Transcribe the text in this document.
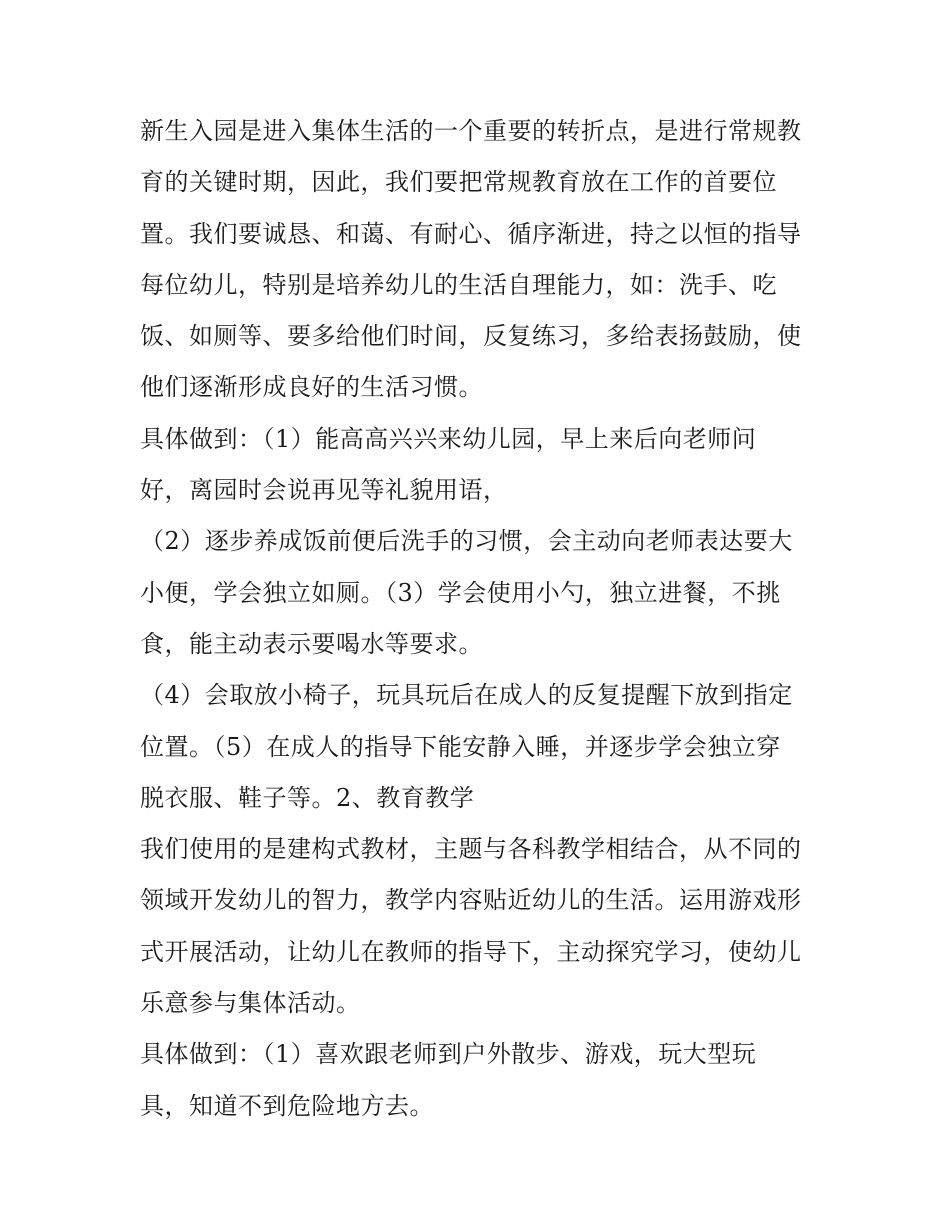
新生入园是进入集体生活的一个重要的转折点，是进行常规教
育的关键时期，因此，我们要把常规教育放在工作的首要位
置。我们要诚恳、和蔼、有耐心、循序渐进，持之以恒的指导
每位幼儿，特别是培养幼儿的生活自理能力，如：洗手、吃
饭、如厕等、要多给他们时间，反复练习，多给表扬鼓励，使
他们逐渐形成良好的生活习惯。
具体做到：（1）能高高兴兴来幼儿园，早上来后向老师问
好，离园时会说再见等礼貌用语，
（2）逐步养成饭前便后洗手的习惯，会主动向老师表达要大
小便，学会独立如厕。（3）学会使用小勺，独立进餐，不挑
食，能主动表示要喝水等要求。
（4）会取放小椅子，玩具玩后在成人的反复提醒下放到指定
位置。（5）在成人的指导下能安静入睡，并逐步学会独立穿
脱衣服、鞋子等。2、教育教学
我们使用的是建构式教材，主题与各科教学相结合，从不同的
领域开发幼儿的智力，教学内容贴近幼儿的生活。运用游戏形
式开展活动，让幼儿在教师的指导下，主动探究学习，使幼儿
乐意参与集体活动。
具体做到：（1）喜欢跟老师到户外散步、游戏，玩大型玩
具，知道不到危险地方去。
